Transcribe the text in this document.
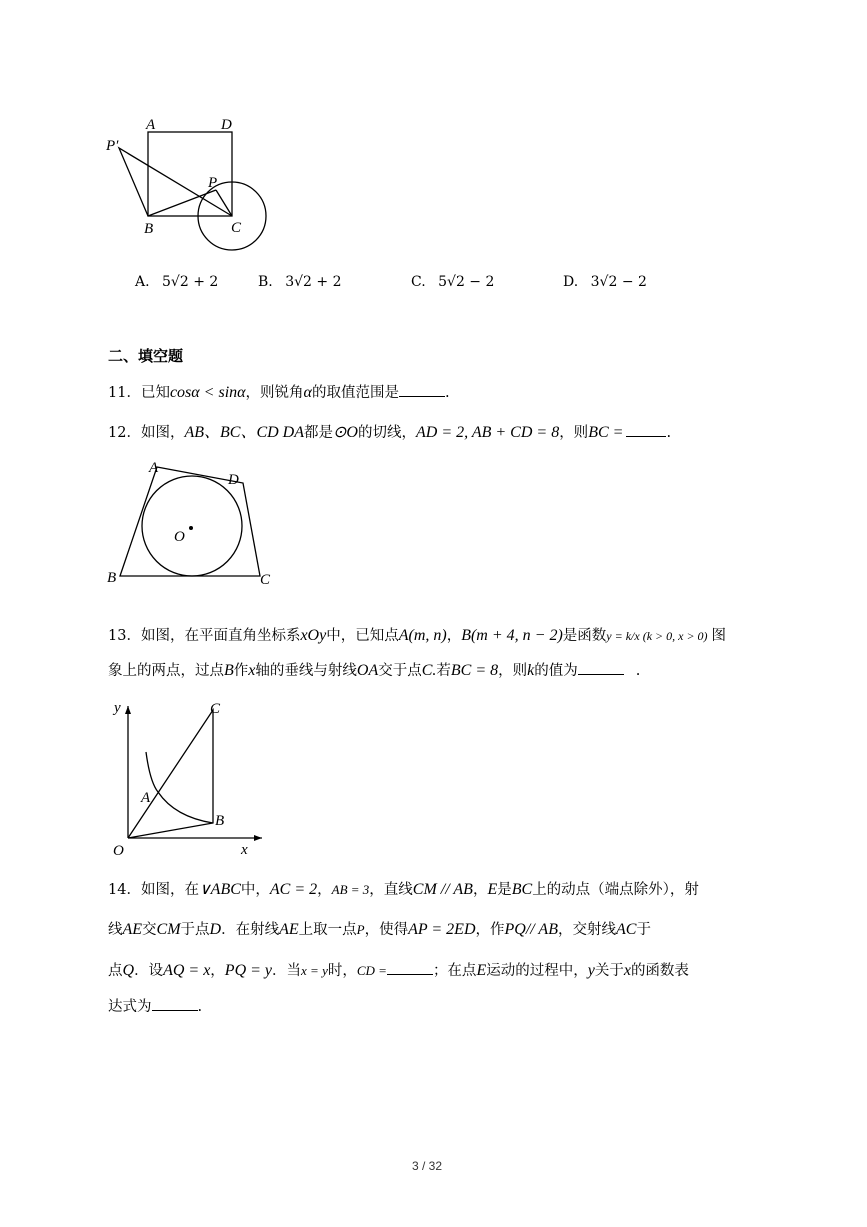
A	D
P′
P
B	C
A. 5√2 + 2	B. 3√2 + 2	C. 5√2 − 2	D. 3√2 − 2
二、填空题
11．已知cosα < sinα，则锐角α的取值范围是	.
12．如图，AB、BC、CD DA都是⊙O的切线，AD = 2, AB + CD = 8，则BC =	.
A
D
O
B	C
13．如图，在平面直角坐标系xOy中，已知点A(m, n)，B(m + 4, n − 2)是函数y = k/x (k > 0, x > 0) 图
象上的两点，过点B作x轴的垂线与射线OA交于点C.若BC = 8，则k的值为	.
y	C
A
B
O	x
14．如图，在∨ABC中，AC = 2，AB = 3，直线CM // AB，E是BC上的动点（端点除外），射
线AE交CM于点D．在射线AE上取一点P，使得AP = 2ED，作PQ// AB，交射线AC于
点Q．设AQ = x，PQ = y．当x = y时，CD =	；在点E运动的过程中，y关于x的函数表
达式为	.
3 / 32
